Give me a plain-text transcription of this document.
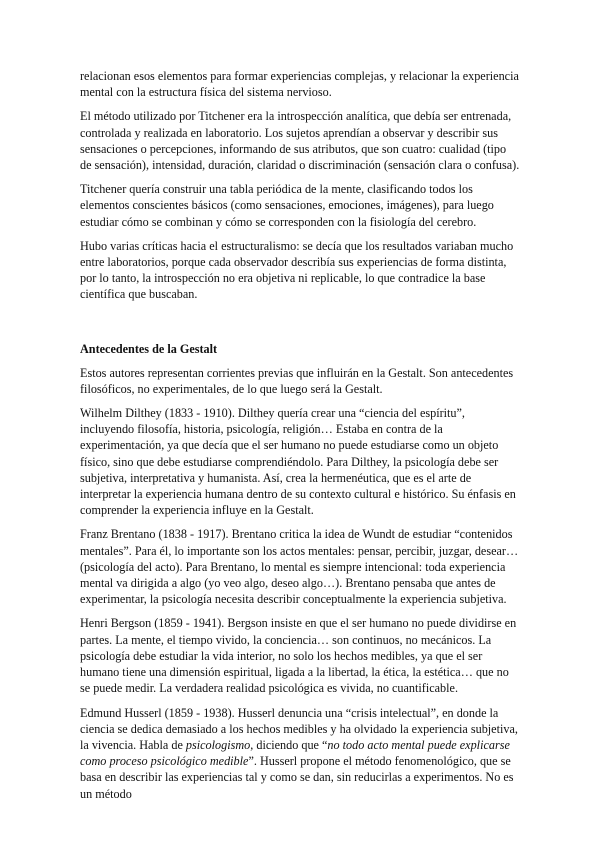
relacionan esos elementos para formar experiencias complejas, y relacionar la experiencia mental con la estructura física del sistema nervioso.

El método utilizado por Titchener era la introspección analítica, que debía ser entrenada, controlada y realizada en laboratorio. Los sujetos aprendían a observar y describir sus sensaciones o percepciones, informando de sus atributos, que son cuatro: cualidad (tipo de sensación), intensidad, duración, claridad o discriminación (sensación clara o confusa).

Titchener quería construir una tabla periódica de la mente, clasificando todos los elementos conscientes básicos (como sensaciones, emociones, imágenes), para luego estudiar cómo se combinan y cómo se corresponden con la fisiología del cerebro.

Hubo varias críticas hacia el estructuralismo: se decía que los resultados variaban mucho entre laboratorios, porque cada observador describía sus experiencias de forma distinta, por lo tanto, la introspección no era objetiva ni replicable, lo que contradice la base científica que buscaban.

Antecedentes de la Gestalt

Estos autores representan corrientes previas que influirán en la Gestalt. Son antecedentes filosóficos, no experimentales, de lo que luego será la Gestalt.

Wilhelm Dilthey (1833 - 1910). Dilthey quería crear una “ciencia del espíritu”, incluyendo filosofía, historia, psicología, religión… Estaba en contra de la experimentación, ya que decía que el ser humano no puede estudiarse como un objeto físico, sino que debe estudiarse comprendiéndolo. Para Dilthey, la psicología debe ser subjetiva, interpretativa y humanista. Así, crea la hermenéutica, que es el arte de interpretar la experiencia humana dentro de su contexto cultural e histórico. Su énfasis en comprender la experiencia influye en la Gestalt.

Franz Brentano (1838 - 1917). Brentano critica la idea de Wundt de estudiar “contenidos mentales”. Para él, lo importante son los actos mentales: pensar, percibir, juzgar, desear… (psicología del acto). Para Brentano, lo mental es siempre intencional: toda experiencia mental va dirigida a algo (yo veo algo, deseo algo…). Brentano pensaba que antes de experimentar, la psicología necesita describir conceptualmente la experiencia subjetiva.

Henri Bergson (1859 - 1941). Bergson insiste en que el ser humano no puede dividirse en partes. La mente, el tiempo vivido, la conciencia… son continuos, no mecánicos. La psicología debe estudiar la vida interior, no solo los hechos medibles, ya que el ser humano tiene una dimensión espiritual, ligada a la libertad, la ética, la estética… que no se puede medir. La verdadera realidad psicológica es vivida, no cuantificable.

Edmund Husserl (1859 - 1938). Husserl denuncia una “crisis intelectual”, en donde la ciencia se dedica demasiado a los hechos medibles y ha olvidado la experiencia subjetiva, la vivencia. Habla de psicologismo, diciendo que “no todo acto mental puede explicarse como proceso psicológico medible”. Husserl propone el método fenomenológico, que se basa en describir las experiencias tal y como se dan, sin reducirlas a experimentos. No es un método
